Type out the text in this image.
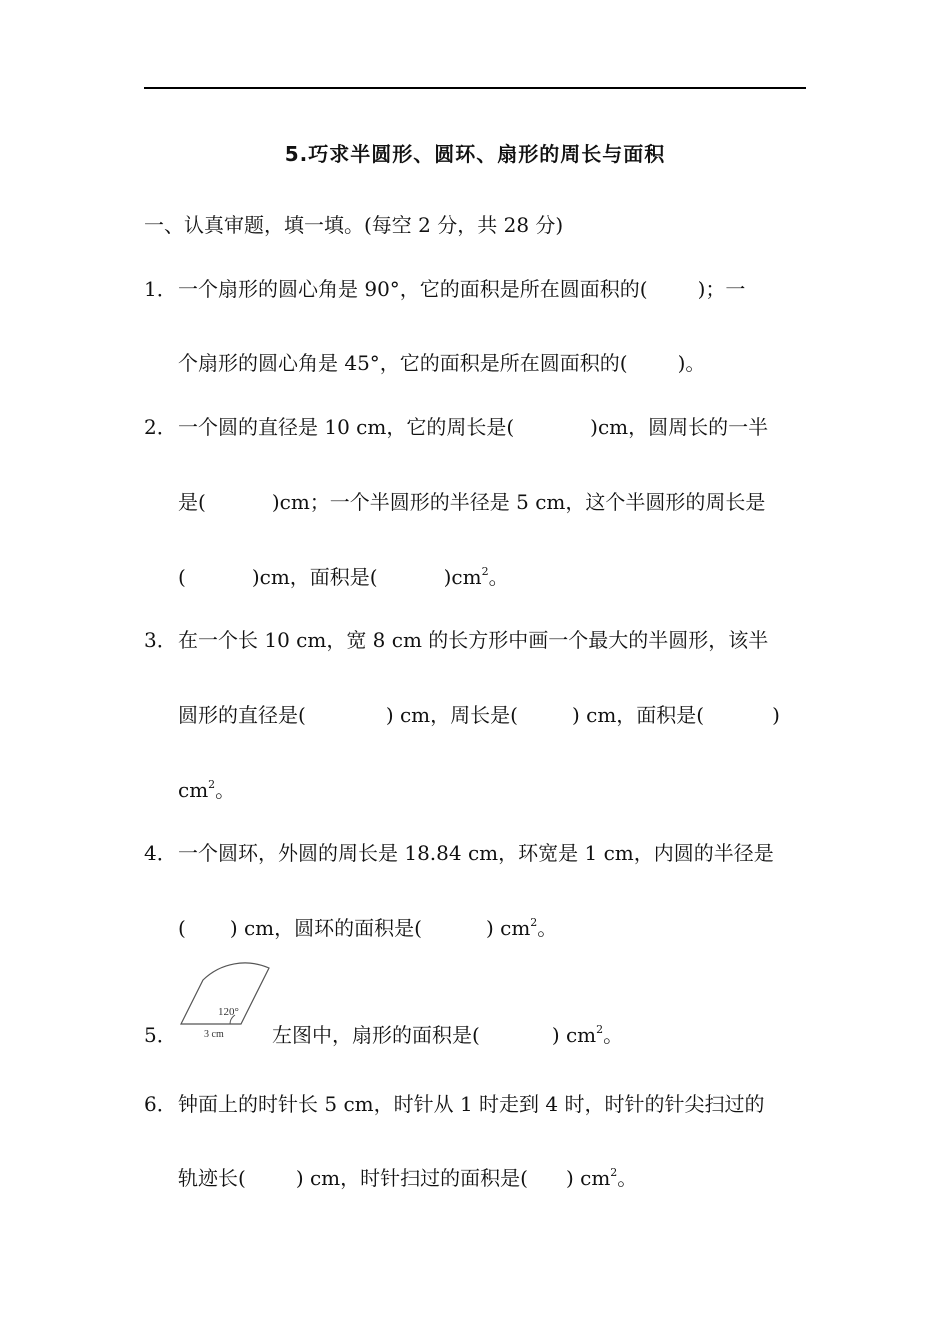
5.巧求半圆形、圆环、扇形的周长与面积
一、认真审题，填一填。(每空 2 分，共 28 分)
1． 一个扇形的圆心角是 90°，它的面积是所在圆面积的(	)；一
个扇形的圆心角是 45°，它的面积是所在圆面积的(	)。
2． 一个圆的直径是 10 cm，它的周长是(	)cm，圆周长的一半
是(	)cm；一个半圆形的半径是 5 cm，这个半圆形的周长是
(	)cm，面积是(	)$cm^2$。
3． 在一个长 10 cm，宽 8 cm 的长方形中画一个最大的半圆形，该半
圆形的直径是(	) cm，周长是(	) cm，面积是(	)
$cm^2$。
4． 一个圆环，外圆的周长是 18.84 cm，环宽是 1 cm，内圆的半径是
( ) cm，圆环的面积是(	) $cm^2$。
5．
120°
3 cm 左图中，扇形的面积是(	) $cm^2$。
6． 钟面上的时针长 5 cm，时针从 1 时走到 4 时，时针的针尖扫过的
轨迹长(	) cm，时针扫过的面积是( ) $cm^2$。
